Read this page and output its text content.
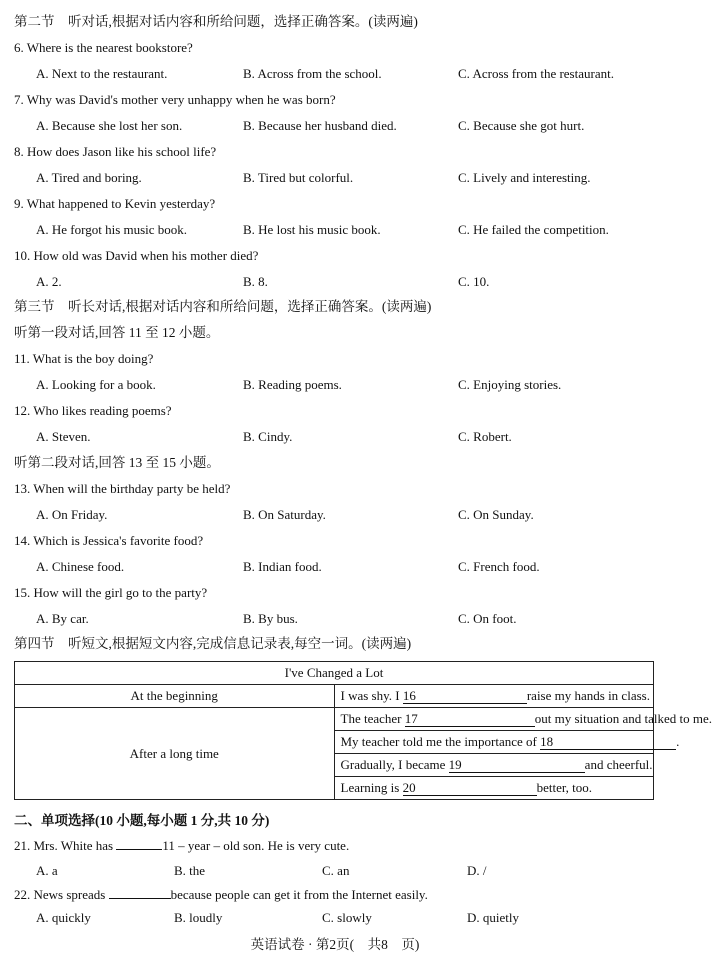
第二节　听对话,根据对话内容和所给问题，选择正确答案。(读两遍)
6. Where is the nearest bookstore?
A. Next to the restaurant.	B. Across from the school.	C. Across from the restaurant.
7. Why was David's mother very unhappy when he was born?
A. Because she lost her son.	B. Because her husband died.	C. Because she got hurt.
8. How does Jason like his school life?
A. Tired and boring.	B. Tired but colorful.	C. Lively and interesting.
9. What happened to Kevin yesterday?
A. He forgot his music book.	B. He lost his music book.	C. He failed the competition.
10. How old was David when his mother died?
A. 2.	B. 8.	C. 10.
第三节　听长对话,根据对话内容和所给问题，选择正确答案。(读两遍)
听第一段对话,回答 11 至 12 小题。
11. What is the boy doing?
A. Looking for a book.	B. Reading poems.	C. Enjoying stories.
12. Who likes reading poems?
A. Steven.	B. Cindy.	C. Robert.
听第二段对话,回答 13 至 15 小题。
13. When will the birthday party be held?
A. On Friday.	B. On Saturday.	C. On Sunday.
14. Which is Jessica's favorite food?
A. Chinese food.	B. Indian food.	C. French food.
15. How will the girl go to the party?
A. By car.	B. By bus.	C. On foot.
第四节　听短文,根据短文内容,完成信息记录表,每空一词。(读两遍)
I've Changed a Lot	
At the beginning	I was shy. I 16 raise my hands in class.
After a long time	The teacher 17 out my situation and talked to me.
	My teacher told me the importance of 18 .
	Gradually, I became 19 and cheerful.
	Learning is 20 better, too.
二、单项选择(10 小题,每小题 1 分,共 10 分)
21. Mrs. White has	11 – year – old son. He is very cute.
A. a	B. the	C. an	D. /
22. News spreads	because people can get it from the Internet easily.
A. quickly	B. loudly	C. slowly	D. quietly
英语试卷 · 第2页(　共8　页)
